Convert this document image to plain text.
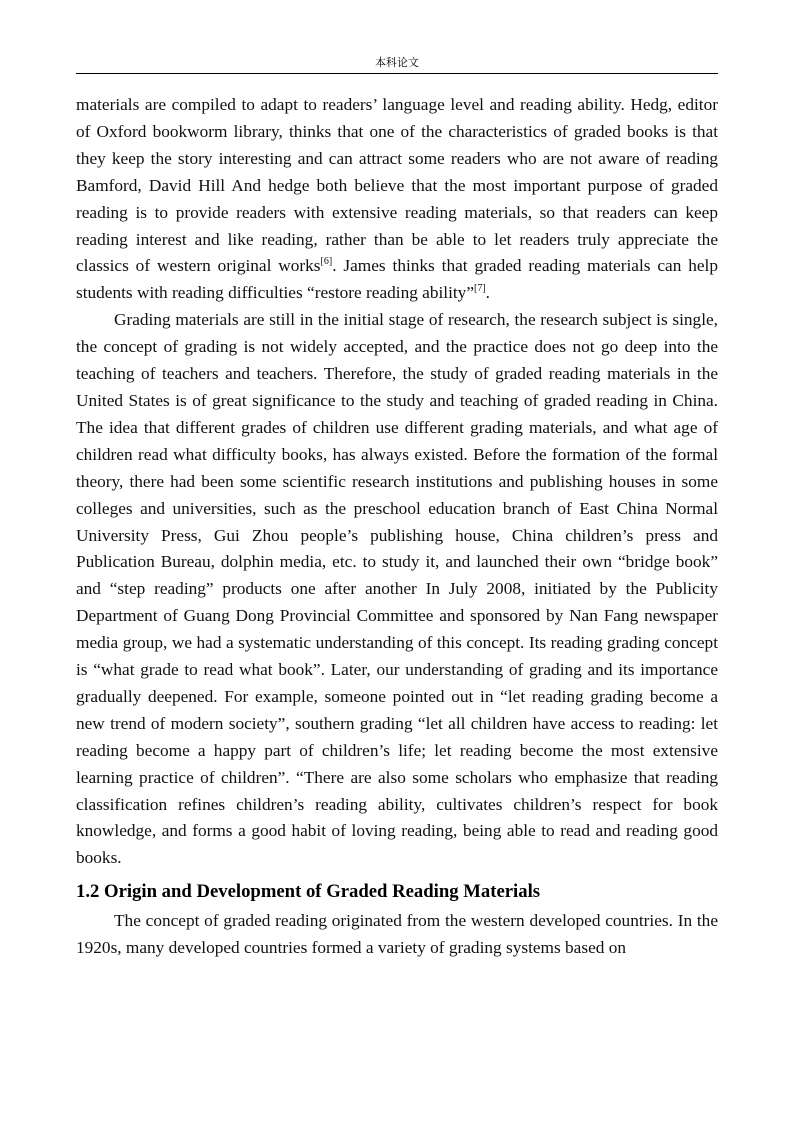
本科论文

materials are compiled to adapt to readers’ language level and reading ability. Hedg, editor of Oxford bookworm library, thinks that one of the characteristics of graded books is that they keep the story interesting and can attract some readers who are not aware of reading Bamford, David Hill And hedge both believe that the most important purpose of graded reading is to provide readers with extensive reading materials, so that readers can keep reading interest and like reading, rather than be able to let readers truly appreciate the classics of western original works[6]. James thinks that graded reading materials can help students with reading difficulties “restore reading ability”[7].

Grading materials are still in the initial stage of research, the research subject is single, the concept of grading is not widely accepted, and the practice does not go deep into the teaching of teachers and teachers. Therefore, the study of graded reading materials in the United States is of great significance to the study and teaching of graded reading in China. The idea that different grades of children use different grading materials, and what age of children read what difficulty books, has always existed. Before the formation of the formal theory, there had been some scientific research institutions and publishing houses in some colleges and universities, such as the preschool education branch of East China Normal University Press, Gui Zhou people’s publishing house, China children’s press and Publication Bureau, dolphin media, etc. to study it, and launched their own “bridge book” and “step reading” products one after another In July 2008, initiated by the Publicity Department of Guang Dong Provincial Committee and sponsored by Nan Fang newspaper media group, we had a systematic understanding of this concept. Its reading grading concept is “what grade to read what book”. Later, our understanding of grading and its importance gradually deepened. For example, someone pointed out in “let reading grading become a new trend of modern society”, southern grading “let all children have access to reading: let reading become a happy part of children’s life; let reading become the most extensive learning practice of children”. “There are also some scholars who emphasize that reading classification refines children’s reading ability, cultivates children’s respect for book knowledge, and forms a good habit of loving reading, being able to read and reading good books.

1.2 Origin and Development of Graded Reading Materials

The concept of graded reading originated from the western developed countries. In the 1920s, many developed countries formed a variety of grading systems based on
